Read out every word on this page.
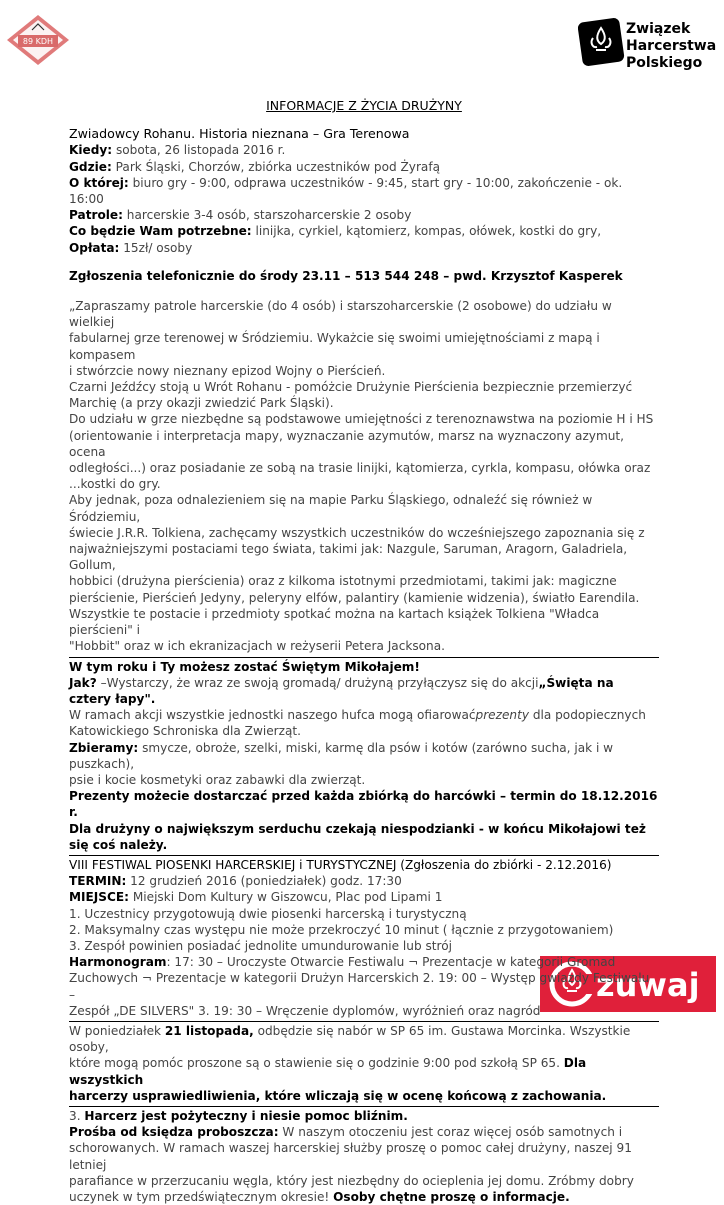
89 KDH
Związek
Harcerstwa
Polskiego
zuwaj

INFORMACJE Z ŻYCIA DRUŻYNY

Zwiadowcy Rohanu. Historia nieznana – Gra Terenowa

Kiedy: sobota, 26 listopada 2016 r.

Gdzie: Park Śląski, Chorzów, zbiórka uczestników pod Żyrafą

O której: biuro gry - 9:00, odprawa uczestników - 9:45, start gry - 10:00, zakończenie - ok. 16:00

Patrole: harcerskie 3-4 osób, starszoharcerskie 2 osoby

Co będzie Wam potrzebne: linijka, cyrkiel, kątomierz, kompas, ołówek, kostki do gry,

Opłata: 15zł/ osoby

Zgłoszenia telefonicznie do środy 23.11 – 513 544 248 – pwd. Krzysztof Kasperek

„Zapraszamy patrole harcerskie (do 4 osób) i starszoharcerskie (2 osobowe) do udziału w wielkiej

fabularnej grze terenowej w Śródziemiu. Wykażcie się swoimi umiejętnościami z mapą i kompasem

i stwórzcie nowy nieznany epizod Wojny o Pierścień.

Czarni Jeźdźcy stoją u Wrót Rohanu - pomóżcie Drużynie Pierścienia bezpiecznie przemierzyć

Marchię (a przy okazji zwiedzić Park Śląski).

Do udziału w grze niezbędne są podstawowe umiejętności z terenoznawstwa na poziomie H i HS

(orientowanie i interpretacja mapy, wyznaczanie azymutów, marsz na wyznaczony azymut, ocena

odległości...) oraz posiadanie ze sobą na trasie linijki, kątomierza, cyrkla, kompasu, ołówka oraz

...kostki do gry.

Aby jednak, poza odnalezieniem się na mapie Parku Śląskiego, odnaleźć się również w Śródziemiu,

świecie J.R.R. Tolkiena, zachęcamy wszystkich uczestników do wcześniejszego zapoznania się z

najważniejszymi postaciami tego świata, takimi jak: Nazgule, Saruman, Aragorn, Galadriela, Gollum,

hobbici (drużyna pierścienia) oraz z kilkoma istotnymi przedmiotami, takimi jak: magiczne

pierścienie, Pierścień Jedyny, peleryny elfów, palantiry (kamienie widzenia), światło Earendila.

Wszystkie te postacie i przedmioty spotkać można na kartach książek Tolkiena "Władca pierścieni" i

"Hobbit" oraz w ich ekranizacjach w reżyserii Petera Jacksona.

W tym roku i Ty możesz zostać Świętym Mikołajem!

Jak? –Wystarczy, że wraz ze swoją gromadą/ drużyną przyłączysz się do akcji„Święta na cztery łapy".

W ramach akcji wszystkie jednostki naszego hufca mogą ofiarowaćprezenty dla podopiecznych

Katowickiego Schroniska dla Zwierząt.

Zbieramy: smycze, obroże, szelki, miski, karmę dla psów i kotów (zarówno sucha, jak i w puszkach),

psie i kocie kosmetyki oraz zabawki dla zwierząt.

Prezenty możecie dostarczać przed każda zbiórką do harcówki – termin do 18.12.2016 r.

Dla drużyny o największym serduchu czekają niespodzianki - w końcu Mikołajowi też się coś należy.

VIII FESTIWAL PIOSENKI HARCERSKIEJ i TURYSTYCZNEJ (Zgłoszenia do zbiórki - 2.12.2016)

TERMIN: 12 grudzień 2016 (poniedziałek) godz. 17:30

MIEJSCE: Miejski Dom Kultury w Giszowcu, Plac pod Lipami 1

1. Uczestnicy przygotowują dwie piosenki harcerską i turystyczną

2. Maksymalny czas występu nie może przekroczyć 10 minut ( łącznie z przygotowaniem)

3. Zespół powinien posiadać jednolite umundurowanie lub strój

Harmonogram: 17: 30 – Uroczyste Otwarcie Festiwalu ¬ Prezentacje w kategorii Gromad

Zuchowych ¬ Prezentacje w kategorii Drużyn Harcerskich 2. 19: 00 – Występ gwiazdy Festiwalu –

Zespół „DE SILVERS" 3. 19: 30 – Wręczenie dyplomów, wyróżnień oraz nagród

W poniedziałek 21 listopada, odbędzie się nabór w SP 65 im. Gustawa Morcinka. Wszystkie osoby,

które mogą pomóc proszone są o stawienie się o godzinie 9:00 pod szkołą SP 65. Dla wszystkich

harcerzy usprawiedliwienia, które wliczają się w ocenę końcową z zachowania.

3. Harcerz jest pożyteczny i niesie pomoc bliźnim.

Prośba od księdza proboszcza: W naszym otoczeniu jest coraz więcej osób samotnych i

schorowanych. W ramach waszej harcerskiej służby proszę o pomoc całej drużyny, naszej 91 letniej

parafiance w przerzucaniu węgla, który jest niezbędny do ocieplenia jej domu. Zróbmy dobry

uczynek w tym przedświątecznym okresie! Osoby chętne proszę o informacje.
